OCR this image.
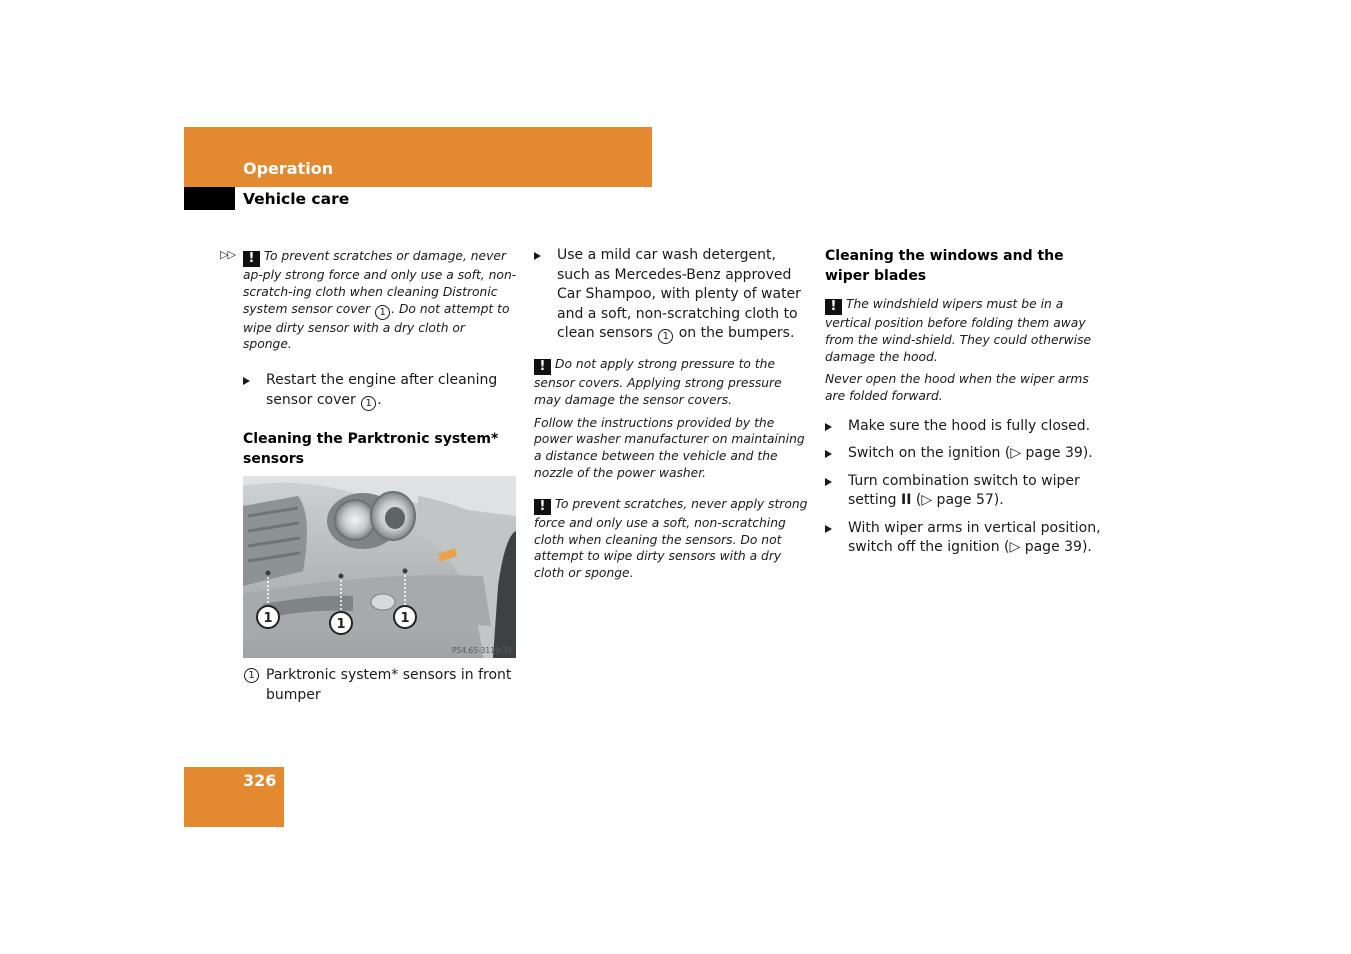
Operation
Vehicle care
▷▷	! To prevent scratches or damage, never ap-ply strong force and only use a soft, non-scratch-ing cloth when cleaning Distronic system sensor cover 1 . Do not attempt to wipe dirty sensor with a dry cloth or sponge.

Restart the engine after cleaning sensor cover 1 .
Cleaning the Parktronic system* sensors
1	1	1
P54.65-3119-31
1 Parktronic system* sensors in front bumper
Use a mild car wash detergent, such as Mercedes-Benz approved Car Shampoo, with plenty of water and a soft, non-scratching cloth to clean sensors 1 on the bumpers.

! Do not apply strong pressure to the sensor covers. Applying strong pressure may damage the sensor covers.

Follow the instructions provided by the power washer manufacturer on maintaining a distance between the vehicle and the nozzle of the power washer.

! To prevent scratches, never apply strong force and only use a soft, non-scratching cloth when cleaning the sensors. Do not attempt to wipe dirty sensors with a dry cloth or sponge.

Cleaning the windows and the wiper blades

! The windshield wipers must be in a vertical position before folding them away from the wind-shield. They could otherwise damage the hood.

Never open the hood when the wiper arms are folded forward.

Make sure the hood is fully closed.
Switch on the ignition (▷ page 39).
Turn combination switch to wiper setting II (▷ page 57).
With wiper arms in vertical position, switch off the ignition (▷ page 39).
326
